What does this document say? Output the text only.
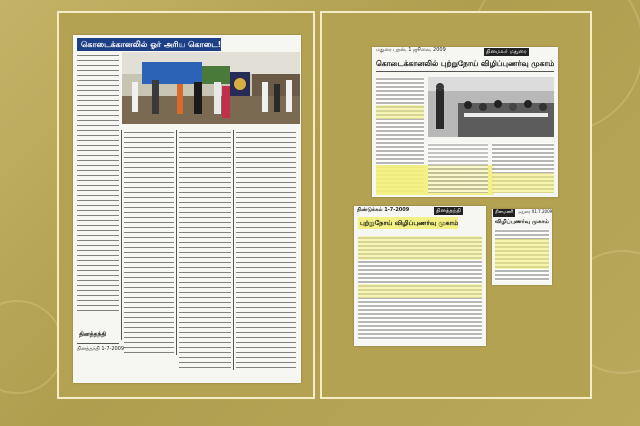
கொடைக்கானலில் ஓர் அரிய கொடை!
தினத்தந்தி
தினத்தந்தி 1-7-2009
மதுரை புதன், 1 ஜூலை, 2009	தினமலர் மதுரை
கொடைக்கானலில் புற்றுநோய் விழிப்புணர்வு முகாம்
திண்டுக்கல் 1-7-2009	தினத்தந்தி
புற்றுநோய் விழிப்புணர்வு முகாம்
தினமணி	மதுரை 01.7.2009
விழிப்புணர்வு முகாம்
